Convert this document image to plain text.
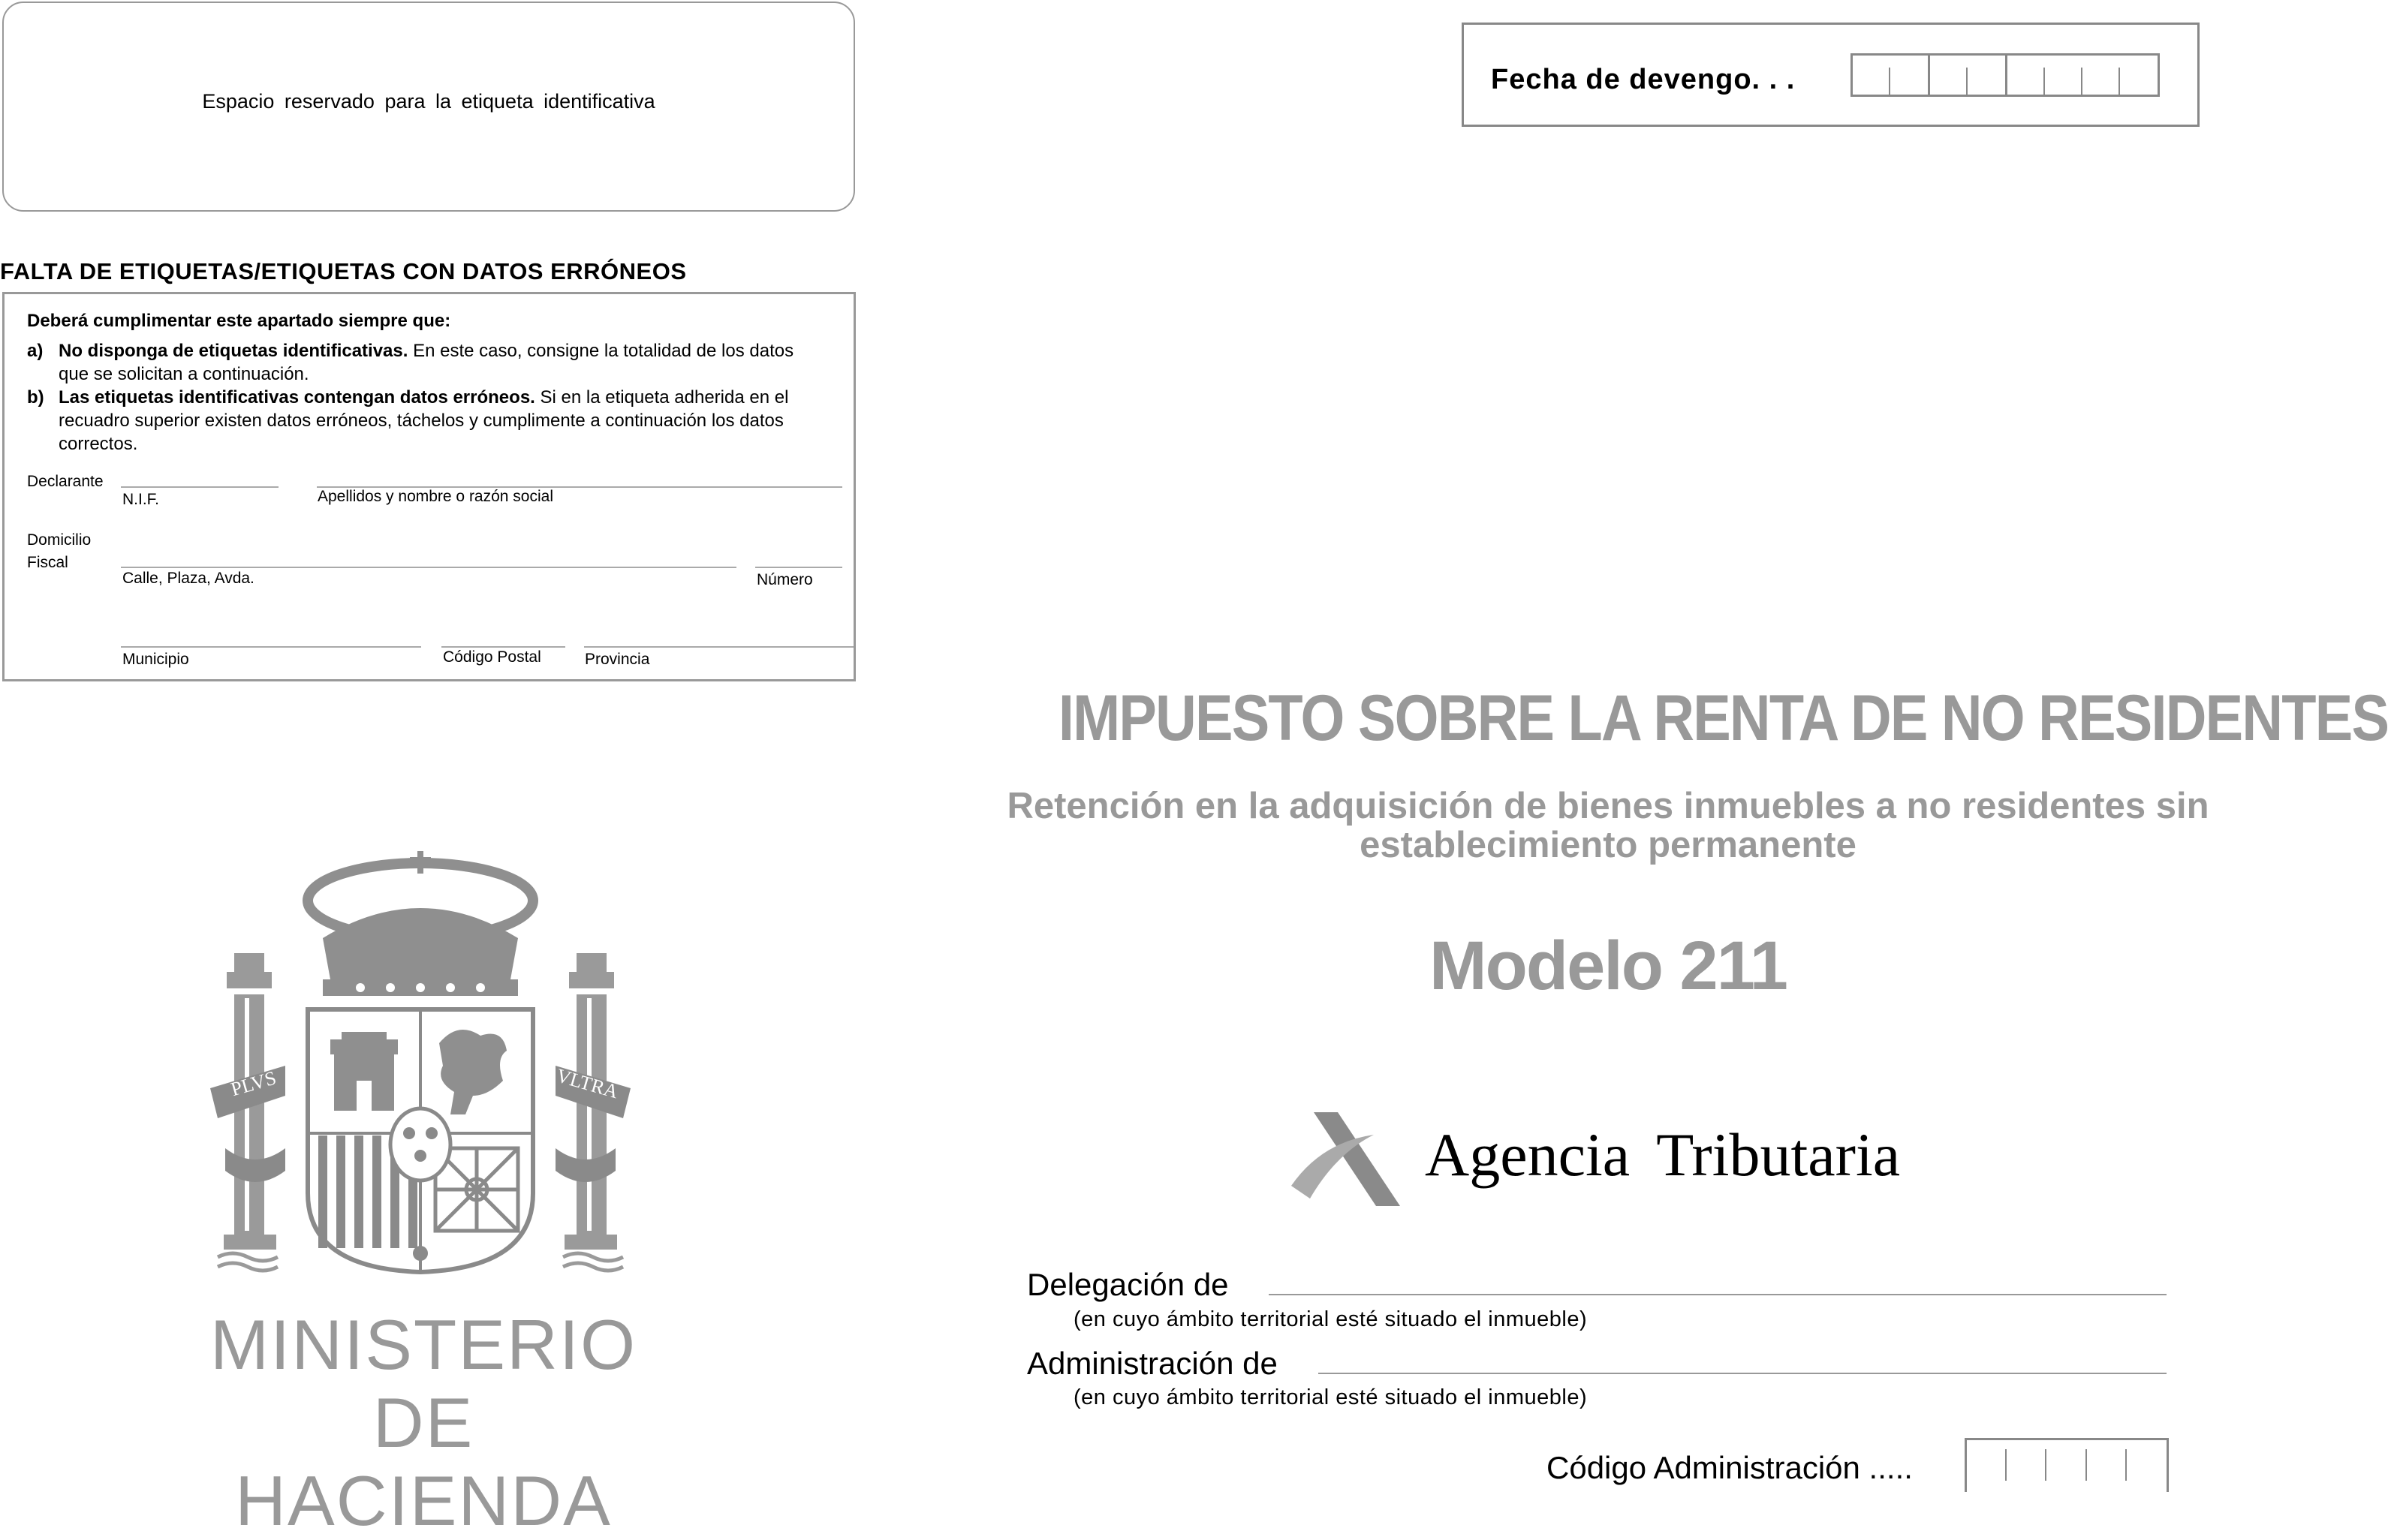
Espacio reservado para la etiqueta identificativa
Fecha de devengo. . .
FALTA DE ETIQUETAS/ETIQUETAS CON DATOS ERRÓNEOS
Deberá cumplimentar este apartado siempre que:
a) No disponga de etiquetas identificativas. En este caso, consigne la totalidad de los datos
que se solicitan a continuación.
b) Las etiquetas identificativas contengan datos erróneos. Si en la etiqueta adherida en el
recuadro superior existen datos erróneos, táchelos y cumplimente a continuación los datos
correctos.
Declarante
N.I.F.	Apellidos y nombre o razón social
Domicilio
Fiscal
Calle, Plaza, Avda.	Número
Municipio	Código Postal	Provincia
PLVS	VLTRA
MINISTERIO
DE HACIENDA
IMPUESTO SOBRE LA RENTA DE NO RESIDENTES
Retención en la adquisición de bienes inmuebles a no residentes sin
establecimiento permanente
Modelo 211
Agencia Tributaria
Delegación de
(en cuyo ámbito territorial esté situado el inmueble)
Administración de
(en cuyo ámbito territorial esté situado el inmueble)
Código Administración .....
